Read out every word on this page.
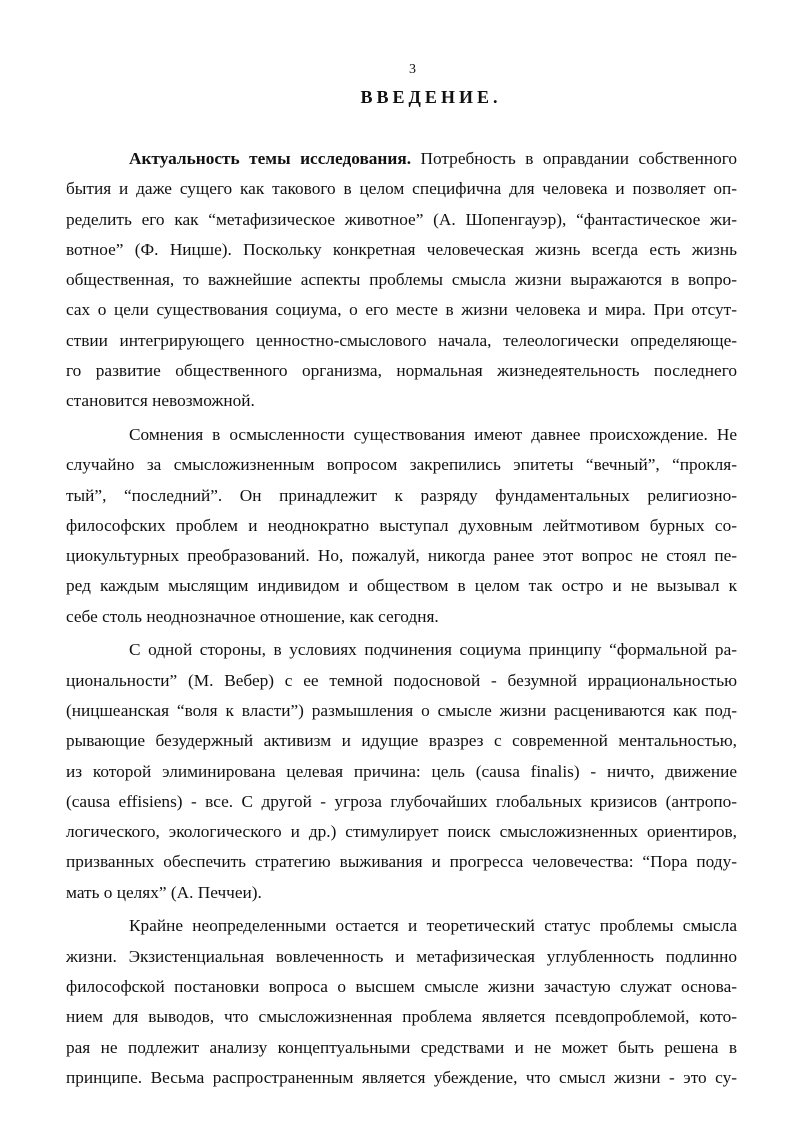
3
ВВЕДЕНИЕ.
Актуальность темы исследования. Потребность в оправдании собственного
бытия и даже сущего как такового в целом специфична для человека и позволяет оп-
ределить его как “метафизическое животное” (А. Шопенгауэр), “фантастическое жи-
вотное” (Ф. Ницше). Поскольку конкретная человеческая жизнь всегда есть жизнь
общественная, то важнейшие аспекты проблемы смысла жизни выражаются в вопро-
сах о цели существования социума, о его месте в жизни человека и мира. При отсут-
ствии интегрирующего ценностно-смыслового начала, телеологически определяюще-
го развитие общественного организма, нормальная жизнедеятельность последнего
становится невозможной.
Сомнения в осмысленности существования имеют давнее происхождение. Не
случайно за смысложизненным вопросом закрепились эпитеты “вечный”, “прокля-
тый”, “последний”. Он принадлежит к разряду фундаментальных религиозно-
философских проблем и неоднократно выступал духовным лейтмотивом бурных со-
циокультурных преобразований. Но, пожалуй, никогда ранее этот вопрос не стоял пе-
ред каждым мыслящим индивидом и обществом в целом так остро и не вызывал к
себе столь неоднозначное отношение, как сегодня.
С одной стороны, в условиях подчинения социума принципу “формальной ра-
циональности” (М. Вебер) с ее темной подосновой - безумной иррациональностью
(ницшеанская “воля к власти”) размышления о смысле жизни расцениваются как под-
рывающие безудержный активизм и идущие вразрез с современной ментальностью,
из которой элиминирована целевая причина: цель (causa finalis) - ничто, движение
(causa effisiens) - все. С другой - угроза глубочайших глобальных кризисов (антропо-
логического, экологического и др.) стимулирует поиск смысложизненных ориентиров,
призванных обеспечить стратегию выживания и прогресса человечества: “Пора поду-
мать о целях” (А. Печчеи).
Крайне неопределенными остается и теоретический статус проблемы смысла
жизни. Экзистенциальная вовлеченность и метафизическая углубленность подлинно
философской постановки вопроса о высшем смысле жизни зачастую служат основа-
нием для выводов, что смысложизненная проблема является псевдопроблемой, кото-
рая не подлежит анализу концептуальными средствами и не может быть решена в
принципе. Весьма распространенным является убеждение, что смысл жизни - это су-
